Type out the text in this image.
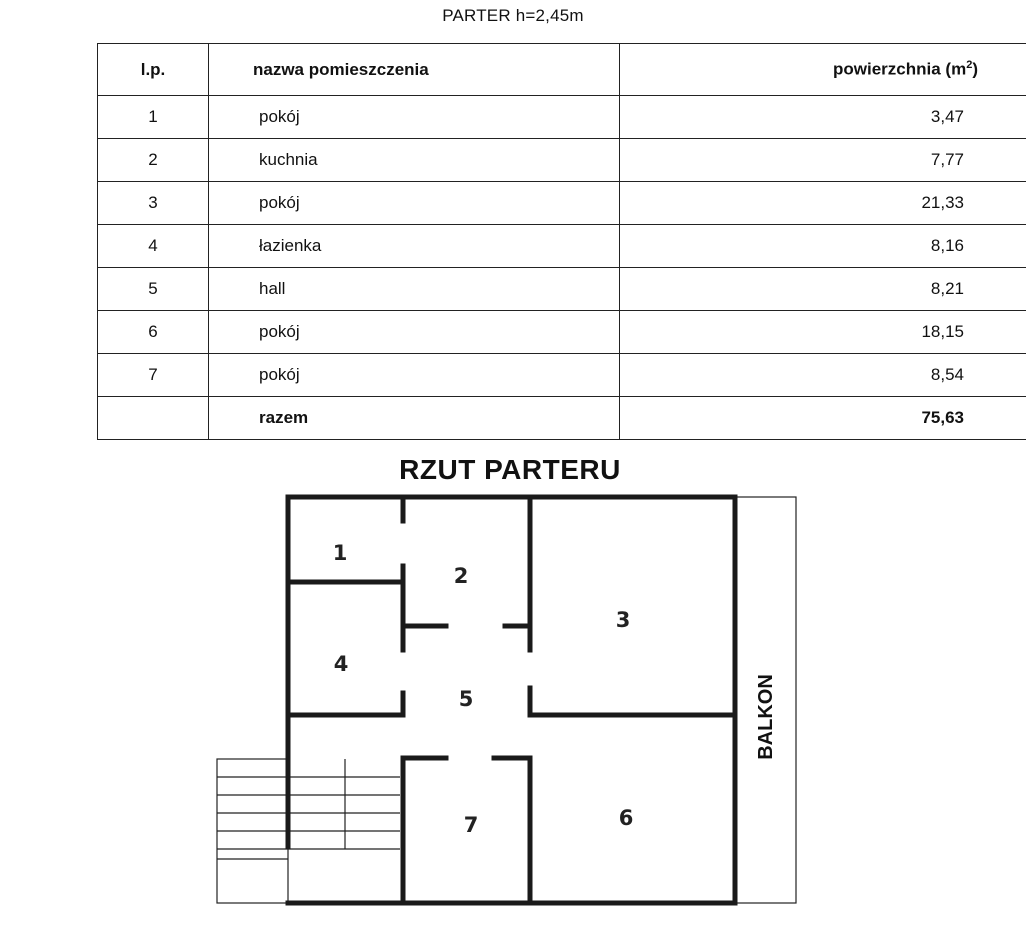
PARTER h=2,45m
l.p.	nazwa pomieszczenia	powierzchnia $(m^2)$
1	pokój	3,47
2	kuchnia	7,77
3	pokój	21,33
4	łazienka	8,16
5	hall	8,21
6	pokój	18,15
7	pokój	8,54
	razem	75,63
RZUT PARTERU
1
2
3
4
5
6
7
BALKON
